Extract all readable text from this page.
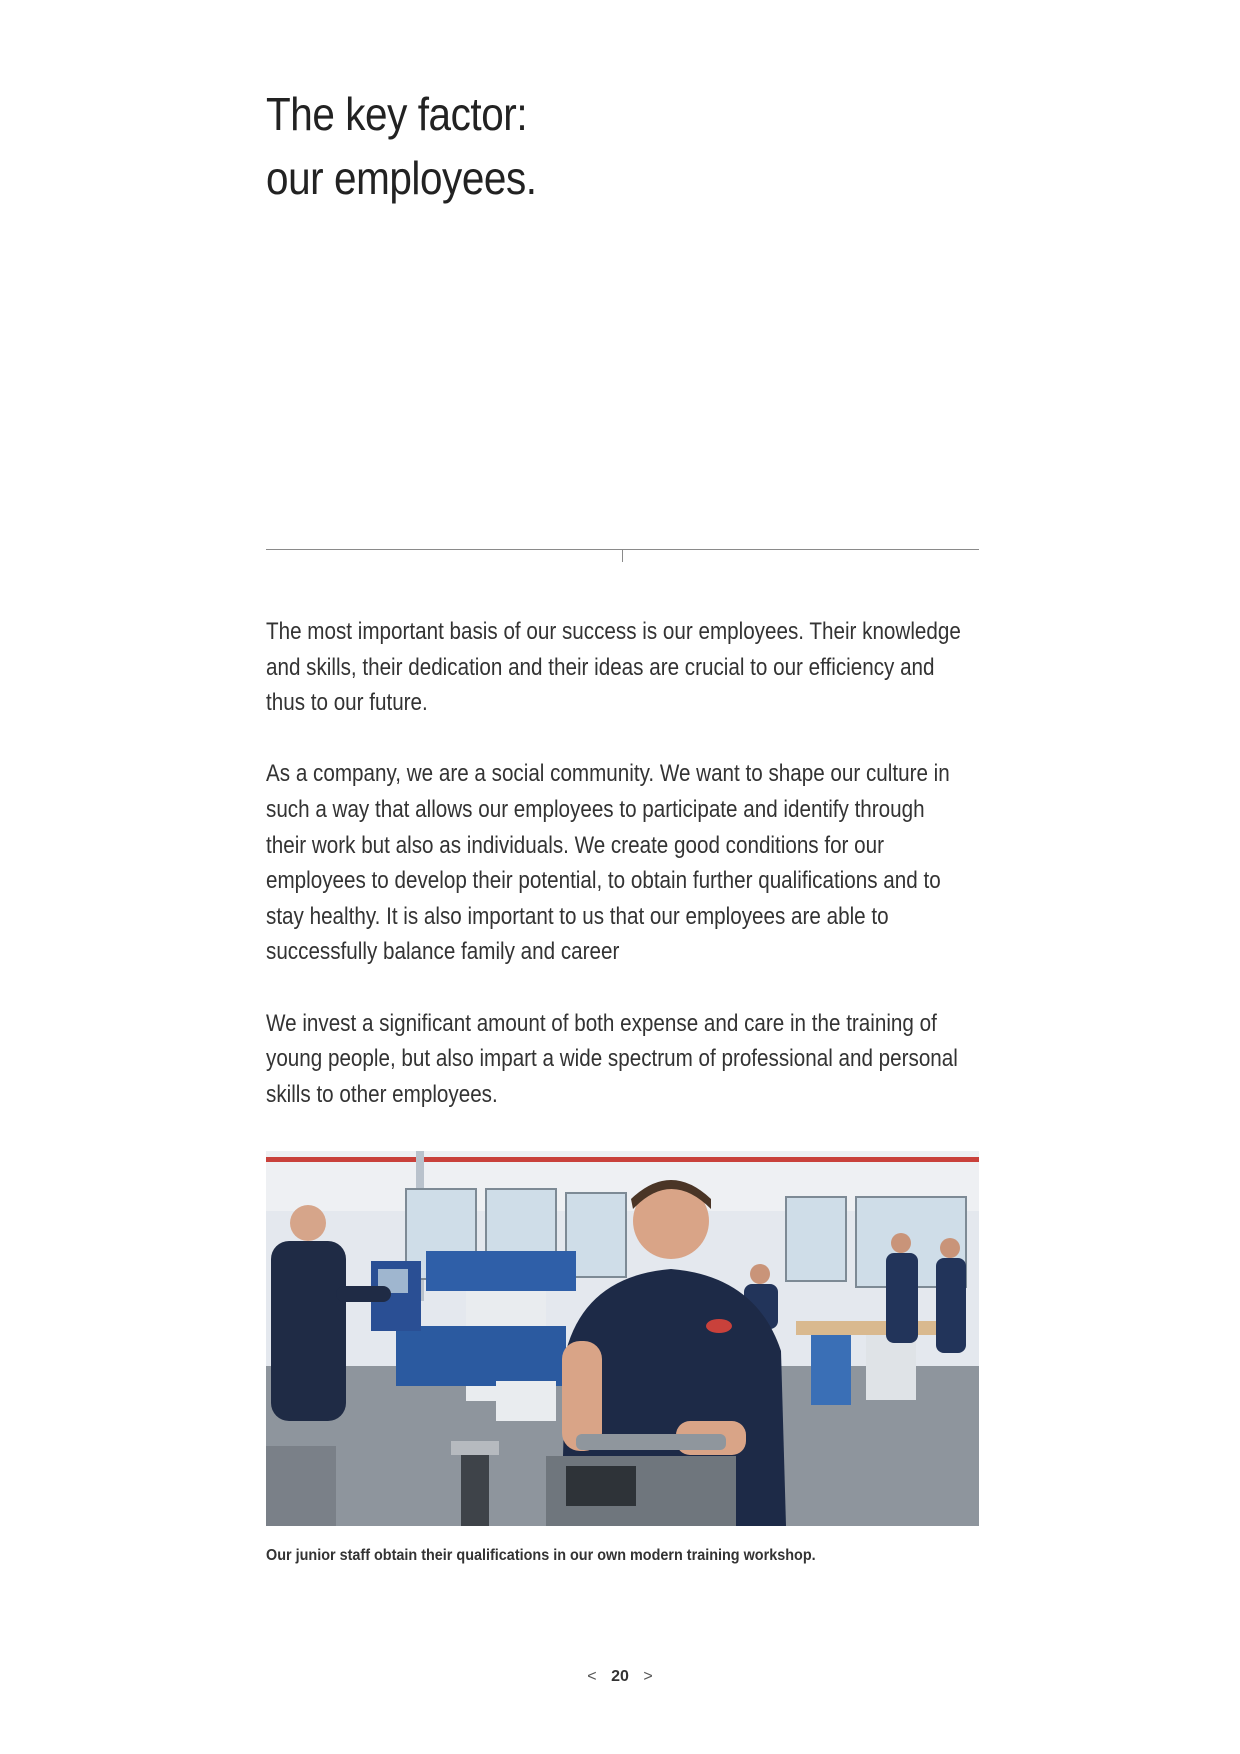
The key factor:
our employees.

The most important basis of our success is our employees. Their knowledge and skills, their dedication and their ideas are crucial to our efficiency and thus to our future.

As a company, we are a social community. We want to shape our culture in such a way that allows our employees to participate and identify through their work but also as individuals. We create good conditions for our employees to develop their potential, to obtain further qualifications and to stay healthy. It is also important to us that our employees are able to successfully balance family and career

We invest a significant amount of both expense and care in the training of young people, but also impart a wide spectrum of professional and personal skills to other employees.

Our junior staff obtain their qualifications in our own modern training workshop.
< 20 >
